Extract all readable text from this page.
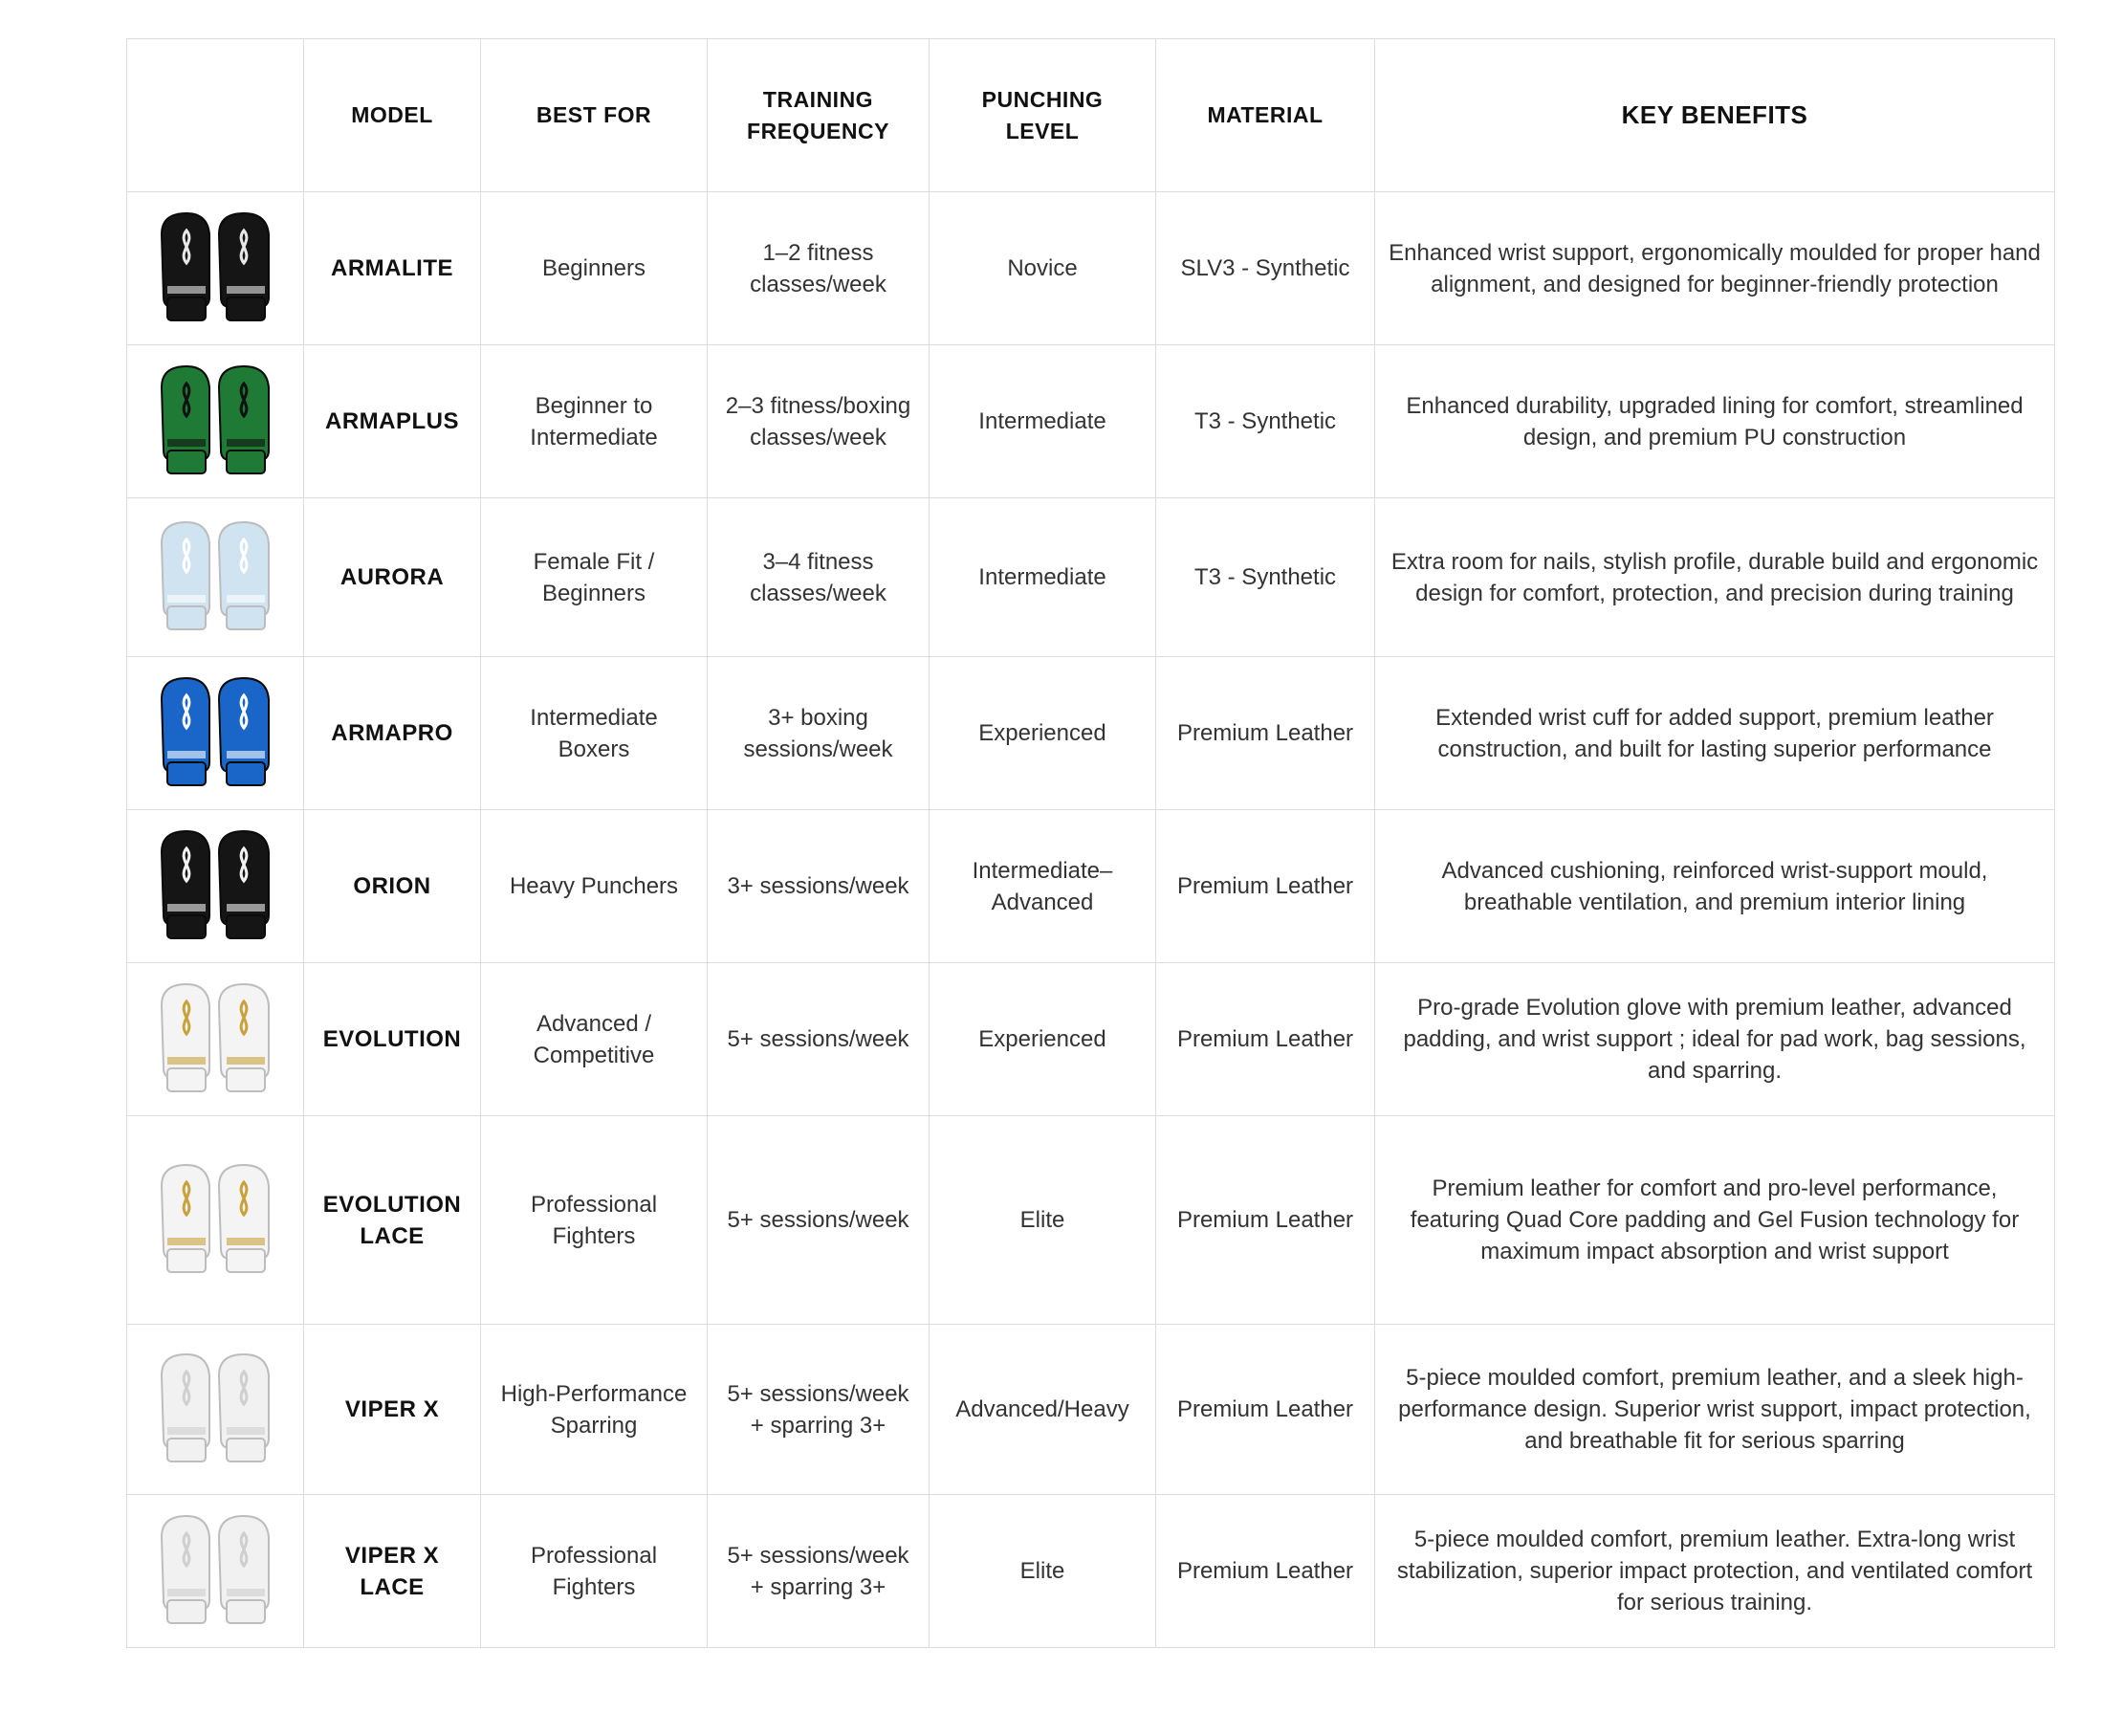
	MODEL	BEST FOR	TRAINING FREQUENCY	PUNCHING LEVEL	MATERIAL	KEY BENEFITS

	ARMALITE	Beginners	1–2 fitness classes/week	Novice	SLV3 - Synthetic	Enhanced wrist support, ergonomically moulded for proper hand alignment, and designed for beginner-friendly protection

	ARMAPLUS	Beginner to Intermediate	2–3 fitness/boxing classes/week	Intermediate	T3 - Synthetic	Enhanced durability, upgraded lining for comfort, streamlined design, and premium PU construction

	AURORA	Female Fit / Beginners	3–4 fitness classes/week	Intermediate	T3 - Synthetic	Extra room for nails, stylish profile, durable build and ergonomic design for comfort, protection, and precision during training

	ARMAPRO	Intermediate Boxers	3+ boxing sessions/week	Experienced	Premium Leather	Extended wrist cuff for added support, premium leather construction, and built for lasting superior performance

	ORION	Heavy Punchers	3+ sessions/week	Intermediate–Advanced	Premium Leather	Advanced cushioning, reinforced wrist-support mould, breathable ventilation, and premium interior lining

	EVOLUTION	Advanced / Competitive	5+ sessions/week	Experienced	Premium Leather	Pro-grade Evolution glove with premium leather, advanced padding, and wrist support ; ideal for pad work, bag sessions, and sparring.

	EVOLUTION LACE	Professional Fighters	5+ sessions/week	Elite	Premium Leather	Premium leather for comfort and pro-level performance, featuring Quad Core padding and Gel Fusion technology for maximum impact absorption and wrist support

	VIPER X	High-Performance Sparring	5+ sessions/week + sparring 3+	Advanced/Heavy	Premium Leather	5-piece moulded comfort, premium leather, and a sleek high-performance design. Superior wrist support, impact protection, and breathable fit for serious sparring

	VIPER X LACE	Professional Fighters	5+ sessions/week + sparring 3+	Elite	Premium Leather	5-piece moulded comfort, premium leather. Extra-long wrist stabilization, superior impact protection, and ventilated comfort for serious training.
